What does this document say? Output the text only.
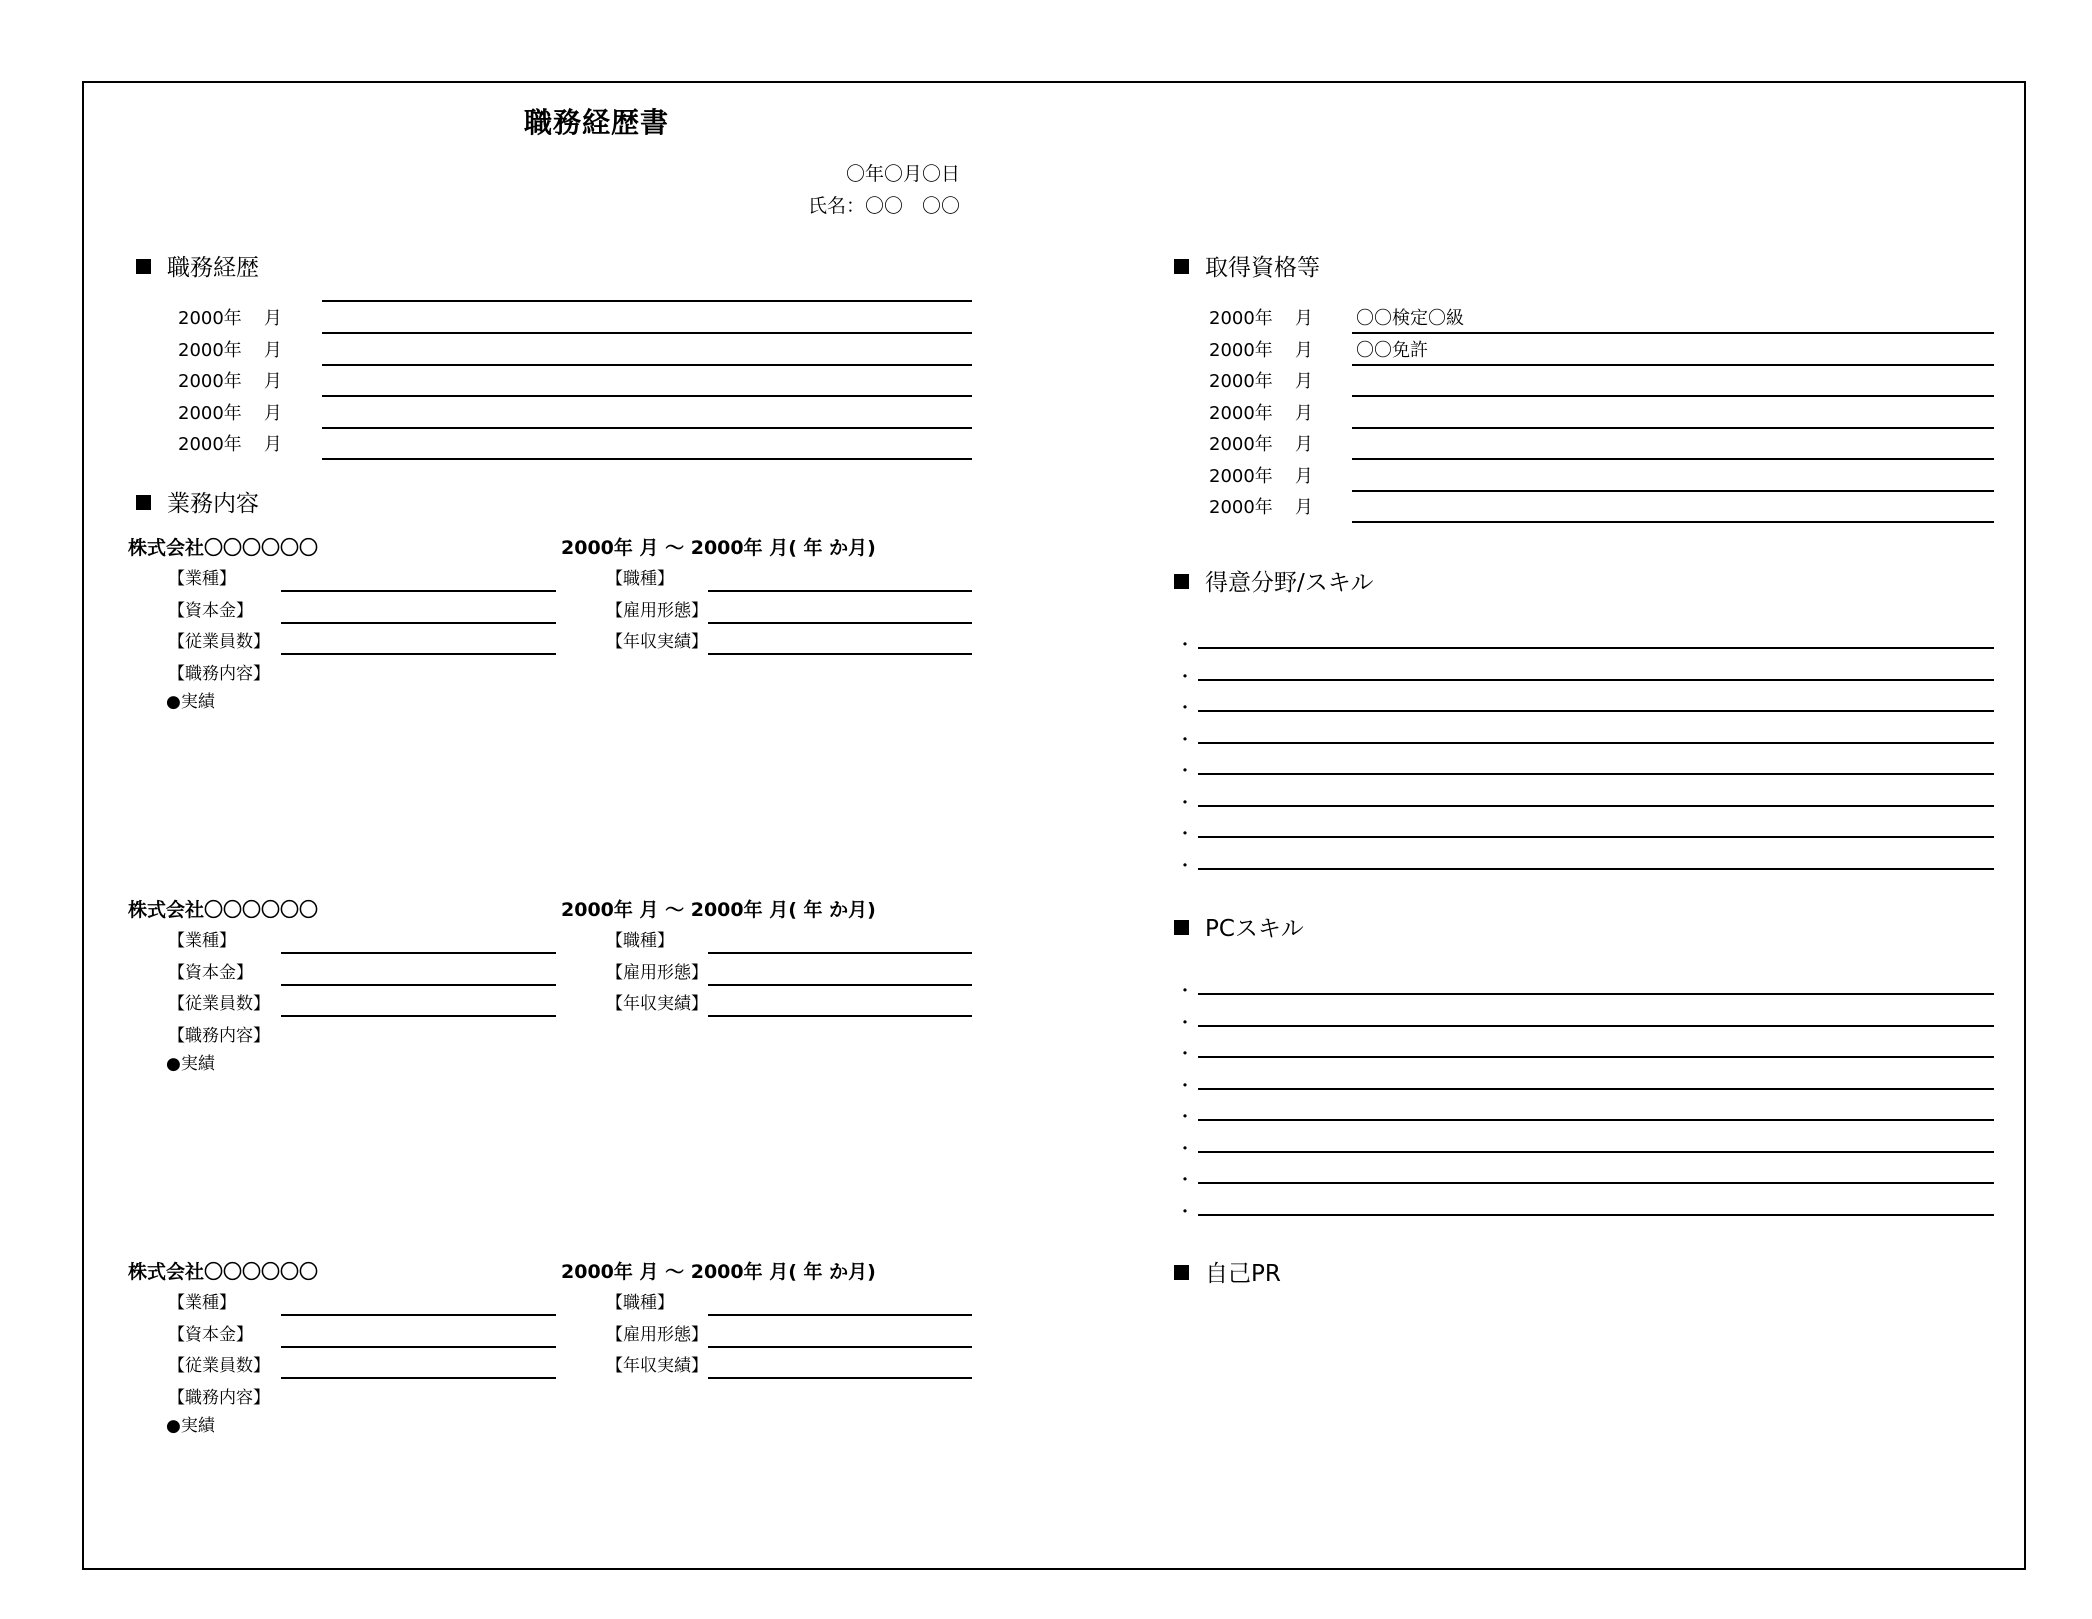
職務経歴書
〇年〇月〇日
氏名：〇〇　〇〇
職務経歴
2000年 月
2000年 月
2000年 月
2000年 月
2000年 月
業務内容
株式会社〇〇〇〇〇〇	2000年 月 ～ 2000年 月( 年 か月)
【業種】	【職種】
【資本金】	【雇用形態】
【従業員数】	【年収実績】
【職務内容】
●実績
株式会社〇〇〇〇〇〇	2000年 月 ～ 2000年 月( 年 か月)
【業種】	【職種】
【資本金】	【雇用形態】
【従業員数】	【年収実績】
【職務内容】
●実績
株式会社〇〇〇〇〇〇	2000年 月 ～ 2000年 月( 年 か月)
【業種】	【職種】
【資本金】	【雇用形態】
【従業員数】	【年収実績】
【職務内容】
●実績
取得資格等
2000年 月 〇〇検定〇級
2000年 月 〇〇免許
2000年 月
2000年 月
2000年 月
2000年 月
2000年 月
得意分野/スキル
・
・
・
・
・
・
・
・
PCスキル
・
・
・
・
・
・
・
・
自己PR
